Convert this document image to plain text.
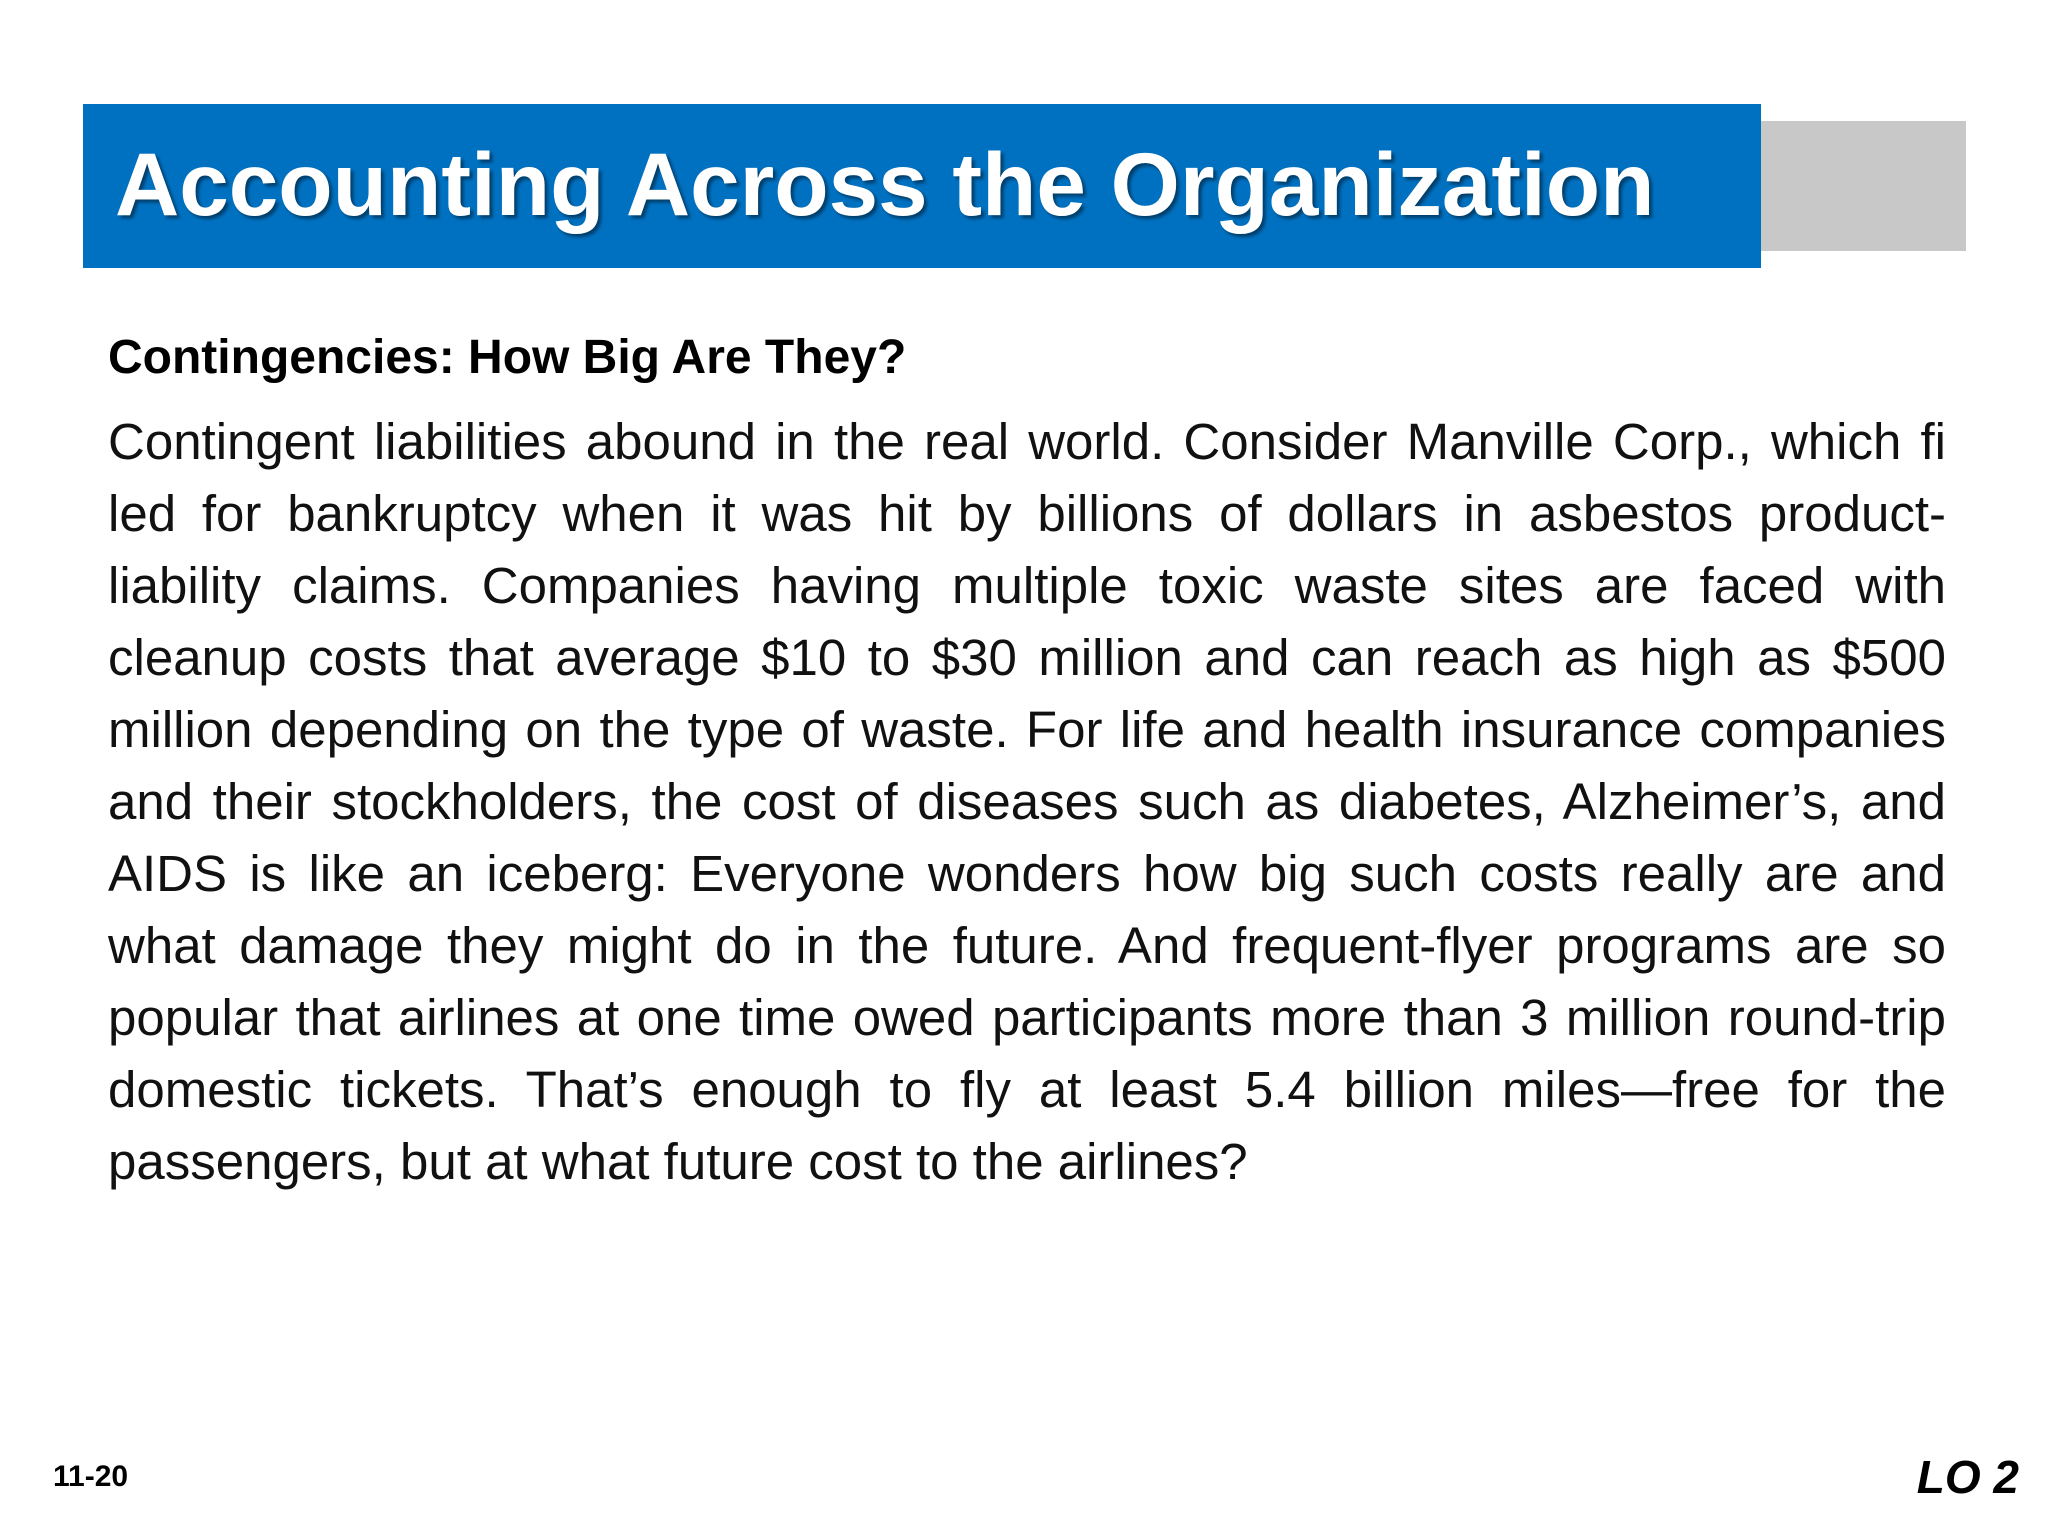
Accounting Across the Organization

Contingencies: How Big Are They?

Contingent liabilities abound in the real world. Consider Manville Corp., which fi led for bankruptcy when it was hit by billions of dollars in asbestos product-liability claims. Companies having multiple toxic waste sites are faced with cleanup costs that average $10 to $30 million and can reach as high as $500 million depending on the type of waste. For life and health insurance companies and their stockholders, the cost of diseases such as diabetes, Alzheimer’s, and AIDS is like an iceberg: Everyone wonders how big such costs really are and what damage they might do in the future. And frequent-flyer programs are so popular that airlines at one time owed participants more than 3 million round-trip domestic tickets. That’s enough to fly at least 5.4 billion miles—free for the passengers, but at what future cost to the airlines?

11-20	LO 2
